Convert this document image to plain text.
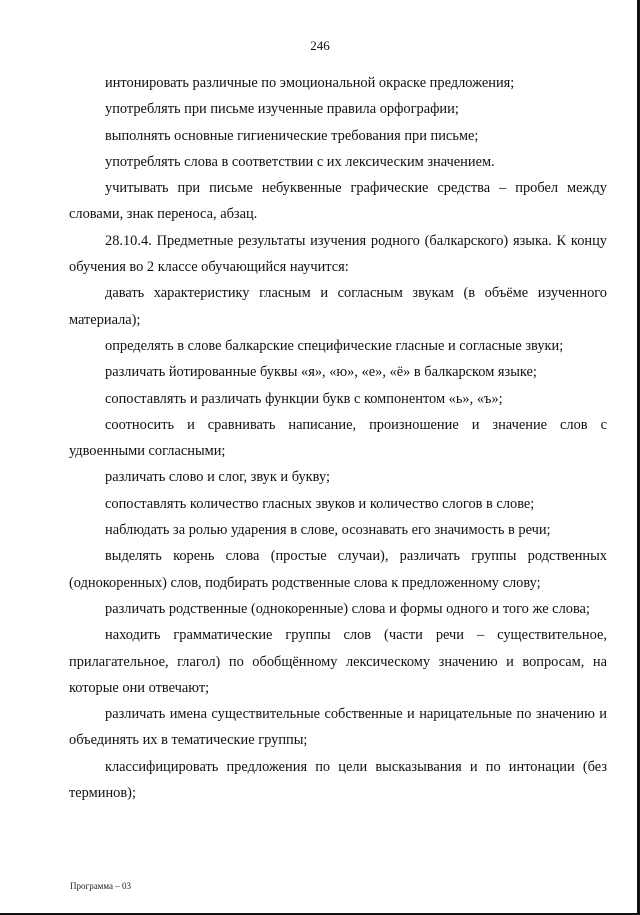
246

интонировать различные по эмоциональной окраске предложения;

употреблять при письме изученные правила орфографии;

выполнять основные гигиенические требования при письме;

употреблять слова в соответствии с их лексическим значением.

учитывать при письме небуквенные графические средства – пробел между словами, знак переноса, абзац.

28.10.4. Предметные результаты изучения родного (балкарского) языка. К концу обучения во 2 классе обучающийся научится:

давать характеристику гласным и согласным звукам (в объёме изученного материала);

определять в слове балкарские специфические гласные и согласные звуки;

различать йотированные буквы «я», «ю», «е», «ё» в балкарском языке;

сопоставлять и различать функции букв с компонентом «ь», «ъ»;

соотносить и сравнивать написание, произношение и значение слов с удвоенными согласными;

различать слово и слог, звук и букву;

сопоставлять количество гласных звуков и количество слогов в слове;

наблюдать за ролью ударения в слове, осознавать его значимость в речи;

выделять корень слова (простые случаи), различать группы родственных (однокоренных) слов, подбирать родственные слова к предложенному слову;

различать родственные (однокоренные) слова и формы одного и того же слова;

находить грамматические группы слов (части речи – существительное, прилагательное, глагол) по обобщённому лексическому значению и вопросам, на которые они отвечают;

различать имена существительные собственные и нарицательные по значению и объединять их в тематические группы;

классифицировать предложения по цели высказывания и по интонации (без терминов);

Программа – 03
